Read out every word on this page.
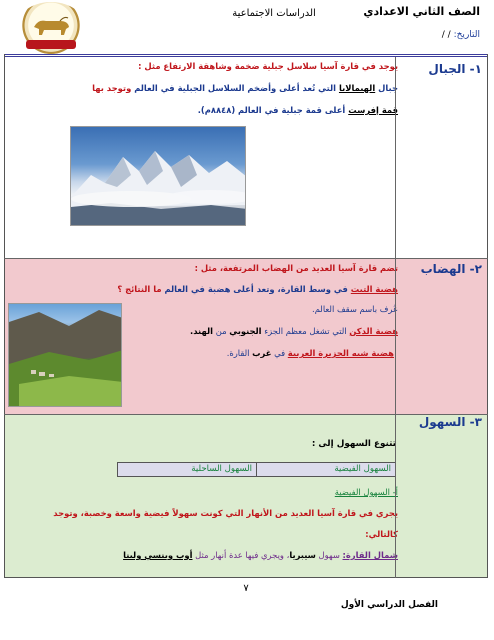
الدراسات الاجتماعية	الصف الثاني الاعدادي
التاريخ: / /
١- الجبال
٢- الهضاب
٣- السهول
يوجد في قارة آسيا سلاسل جبلية ضخمة وشاهقة الارتفاع مثل :
جبال الهيمالايا التي تُعد أعلى وأضخم السلاسل الجبلية في العالم وتوجد بها
قمة إفرست أعلى قمة جبلية في العالم (٨٨٤٨م).
تضم قارة آسيا العديد من الهضاب المرتفعة، مثل :
هضبة التبت في وسط القارة، وتعد أعلى هضبة في العالم ما النتائج ؟
عُرف باسم سقف العالم.
هضبة الدكن التي تشغل معظم الجزء الجنوبي من الهند.
هضبة شبه الجزيرة العربية في غرب القارة.
تتنوع السهول إلى :
السهول الفيضية
السهول الساحلية
أ- السهول الفيضية
يجري في قارة آسيا العديد من الأنهار التي كونت سهولاً فيضية واسعة وخصبة، وتوجد
كالتالي:
شمال القارة: سهول سيبريا، ويجري فيها عدة أنهار مثل أوب وينسي ولينا
٧
الفصل الدراسي الأول
